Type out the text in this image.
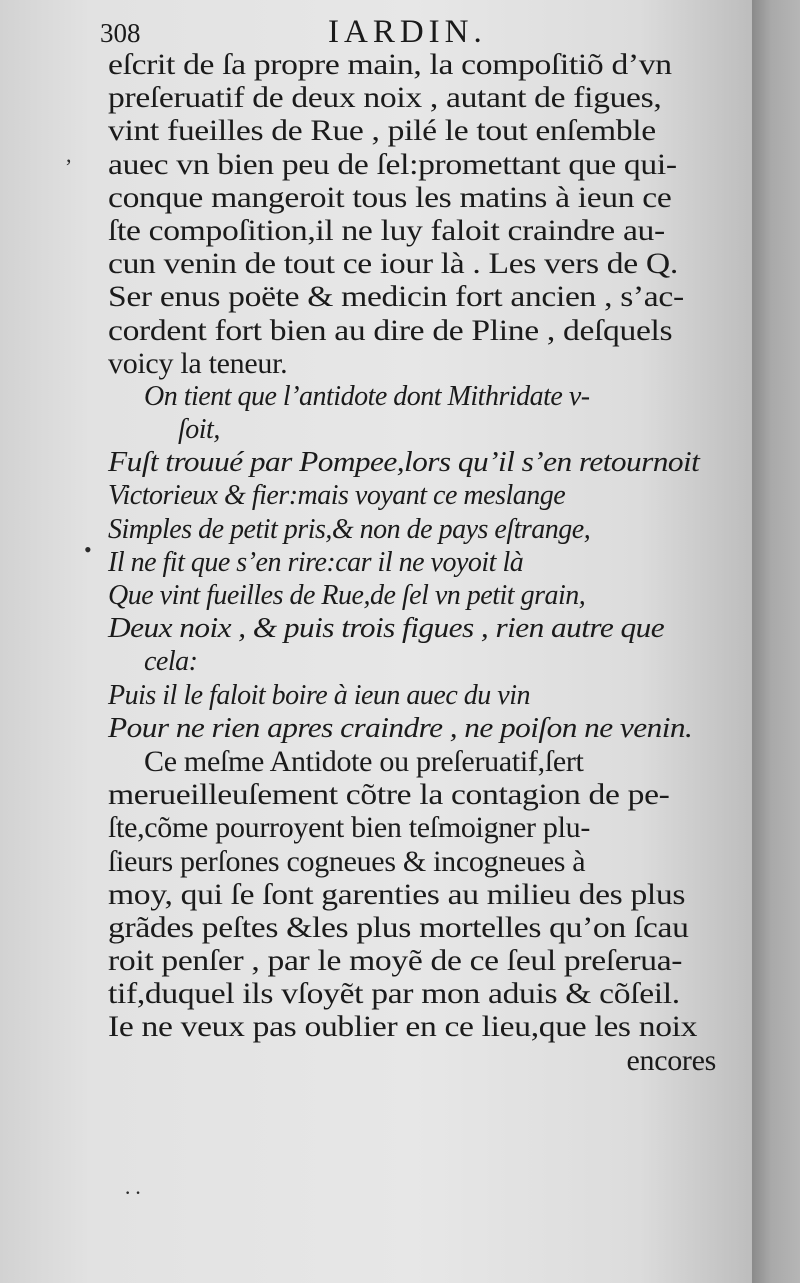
308	IARDIN.
eſcrit de ſa propre main, la compoſitiõ d’vn
preſeruatif de deux noix , autant de figues,
vint fueilles de Rue , pilé le tout enſemble
auec vn bien peu de ſel:promettant que qui-
conque mangeroit tous les matins à ieun ce
ſte compoſition,il ne luy faloit craindre au-
cun venin de tout ce iour là . Les vers de Q.
Ser enus poëte & medicin fort ancien , s’ac-
cordent fort bien au dire de Pline , deſquels
voicy la teneur.
On tient que l’antidote dont Mithridate v-
ſoit,
Fuſt trouué par Pompee,lors qu’il s’en retournoit
Victorieux & fier:mais voyant ce meslange
Simples de petit pris,& non de pays eſtrange,
Il ne fit que s’en rire:car il ne voyoit là
Que vint fueilles de Rue,de ſel vn petit grain,
Deux noix , & puis trois figues , rien autre que
cela:
Puis il le faloit boire à ieun auec du vin
Pour ne rien apres craindre , ne poiſon ne venin.
Ce meſme Antidote ou preſeruatif,ſert
merueilleuſement cõtre la contagion de pe-
ſte,cõme pourroyent bien teſmoigner plu-
ſieurs perſones cogneues & incogneues à
moy, qui ſe ſont garenties au milieu des plus
grãdes peſtes &les plus mortelles qu’on ſcau
roit penſer , par le moyẽ de ce ſeul preſerua-
tif,duquel ils vſoyẽt par mon aduis & cõſeil.
Ie ne veux pas oublier en ce lieu,que les noix
encores
,
•
··
